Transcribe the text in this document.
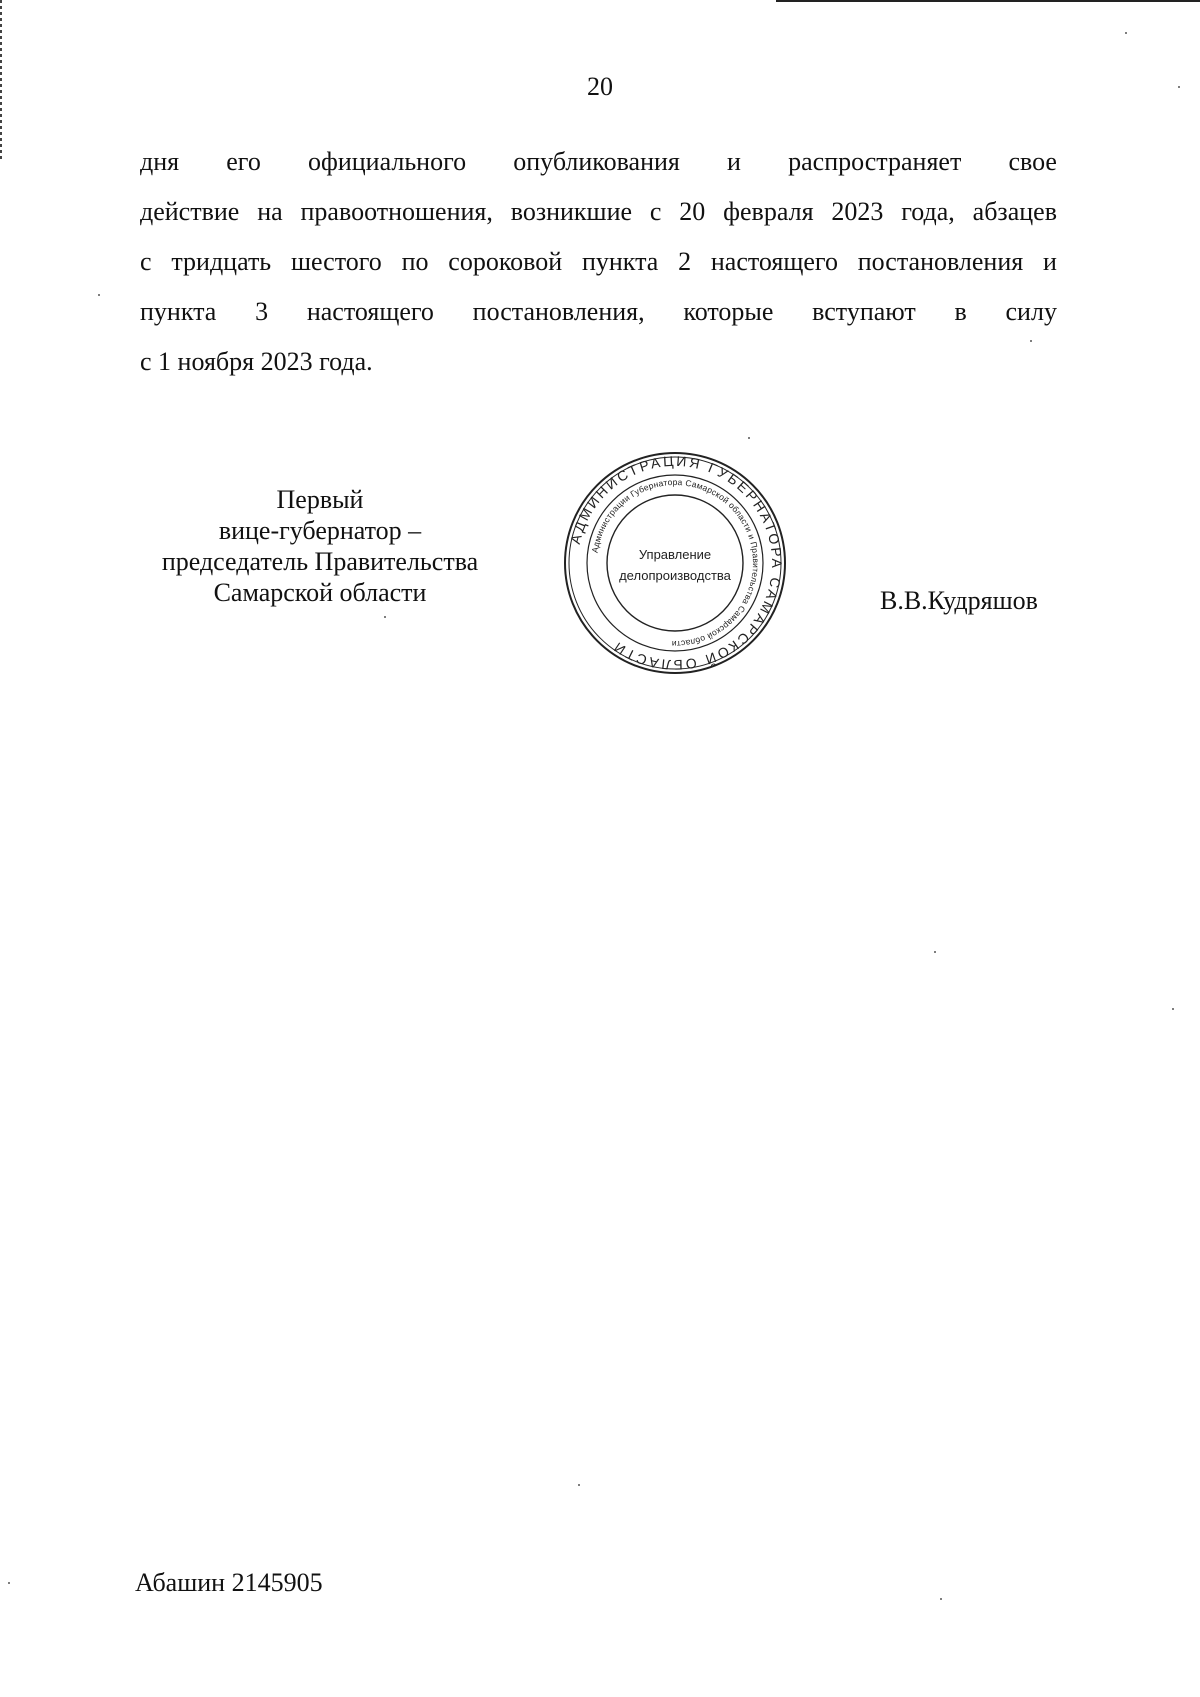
20
дня его официального опубликования и распространяет свое
действие на правоотношения, возникшие с 20 февраля 2023 года, абзацев
с тридцать шестого по сороковой пункта 2 настоящего постановления и
пункта 3 настоящего постановления, которые вступают в силу
с 1 ноября 2023 года.
Первый
вице-губернатор –
председатель Правительства
Самарской области
АДМИНИСТРАЦИЯ ГУБЕРНАТОРА САМАРСКОЙ ОБЛАСТИ
Администрации Губернатора Самарской области и Правительства Самарской области
Управление
делопроизводства
В.В.Кудряшов
Абашин 2145905
